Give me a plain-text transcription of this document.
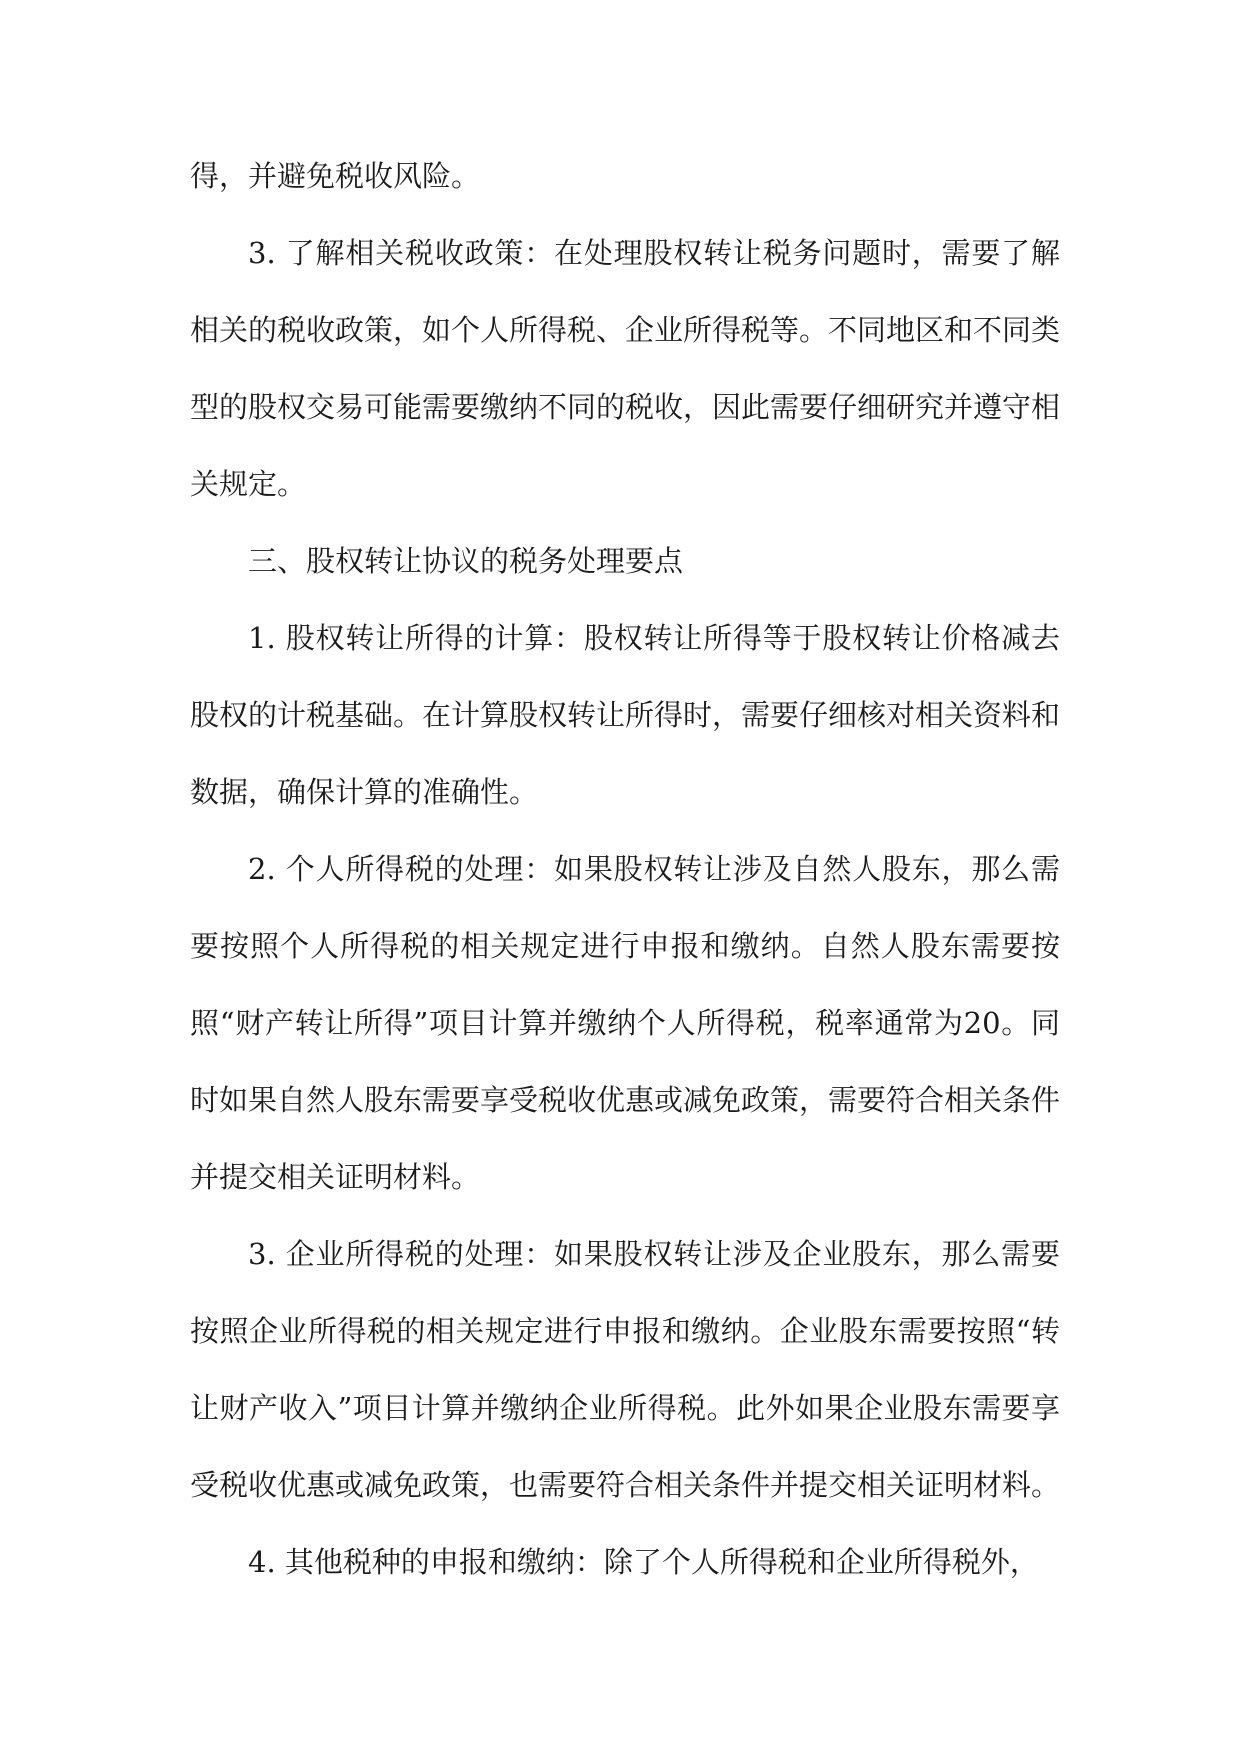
得，并避免税收风险。

3. 了解相关税收政策：在处理股权转让税务问题时，需要了解相关的税收政策，如个人所得税、企业所得税等。不同地区和不同类型的股权交易可能需要缴纳不同的税收，因此需要仔细研究并遵守相关规定。

三、股权转让协议的税务处理要点

1. 股权转让所得的计算：股权转让所得等于股权转让价格减去股权的计税基础。在计算股权转让所得时，需要仔细核对相关资料和数据，确保计算的准确性。

2. 个人所得税的处理：如果股权转让涉及自然人股东，那么需要按照个人所得税的相关规定进行申报和缴纳。自然人股东需要按照“财产转让所得”项目计算并缴纳个人所得税，税率通常为20。同时如果自然人股东需要享受税收优惠或减免政策，需要符合相关条件并提交相关证明材料。

3. 企业所得税的处理：如果股权转让涉及企业股东，那么需要按照企业所得税的相关规定进行申报和缴纳。企业股东需要按照“转让财产收入”项目计算并缴纳企业所得税。此外如果企业股东需要享受税收优惠或减免政策，也需要符合相关条件并提交相关证明材料。

4. 其他税种的申报和缴纳：除了个人所得税和企业所得税外，
